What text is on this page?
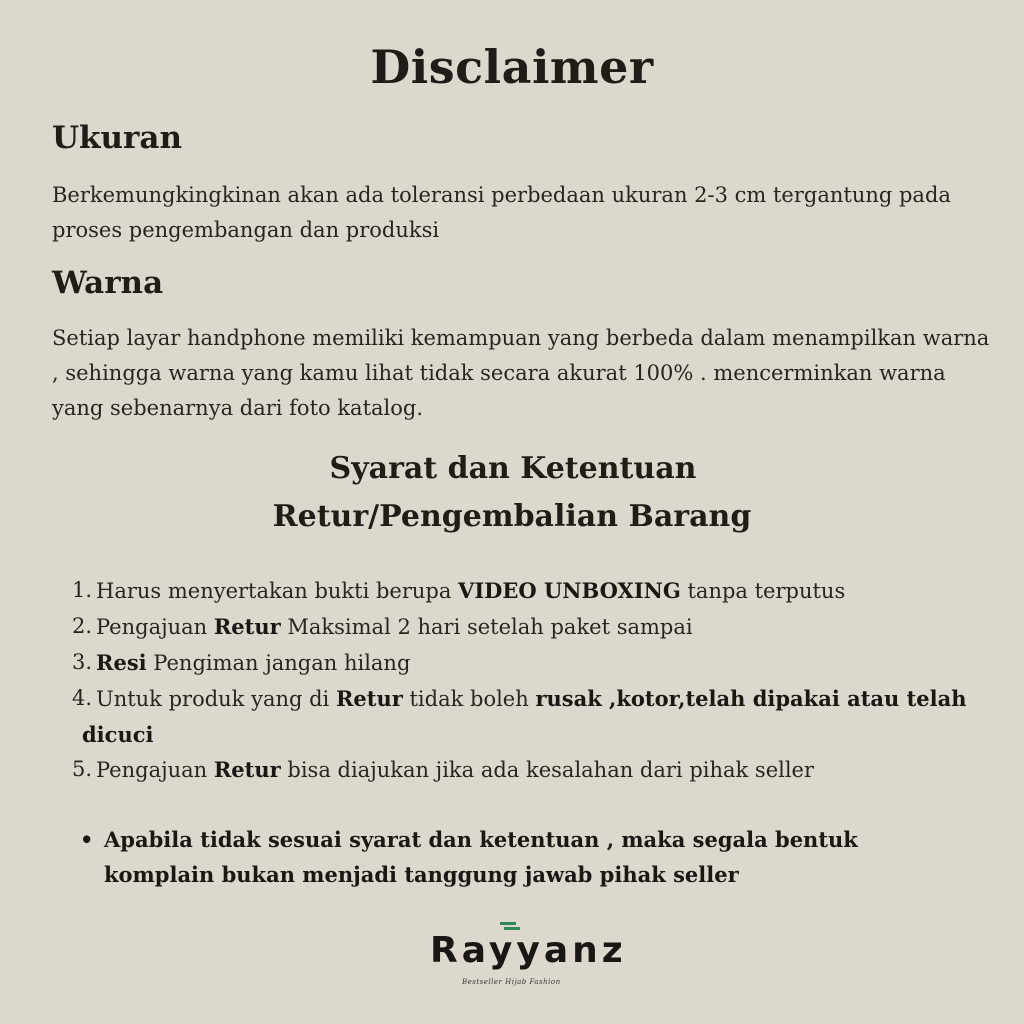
Disclaimer
Ukuran

Berkemungkingkinan akan ada toleransi perbedaan ukuran 2-3 cm tergantung pada proses pengembangan dan produksi

Warna

Setiap layar handphone memiliki kemampuan yang berbeda dalam menampilkan warna , sehingga warna yang kamu lihat tidak secara akurat 100% . mencerminkan warna yang sebenarnya dari foto katalog.

Syarat dan Ketentuan
Retur/Pengembalian Barang
1. Harus menyertakan bukti berupa VIDEO UNBOXING tanpa terputus
2. Pengajuan Retur Maksimal 2 hari setelah paket sampai
3. Resi Pengiman jangan hilang
4. Untuk produk yang di Retur tidak boleh rusak ,kotor,telah dipakai atau telah
dicuci
5. Pengajuan Retur bisa diajukan jika ada kesalahan dari pihak seller
• Apabila tidak sesuai syarat dan ketentuan , maka segala bentuk komplain bukan menjadi tanggung jawab pihak seller
Rayyanz
Bestseller Hijab Fashion
